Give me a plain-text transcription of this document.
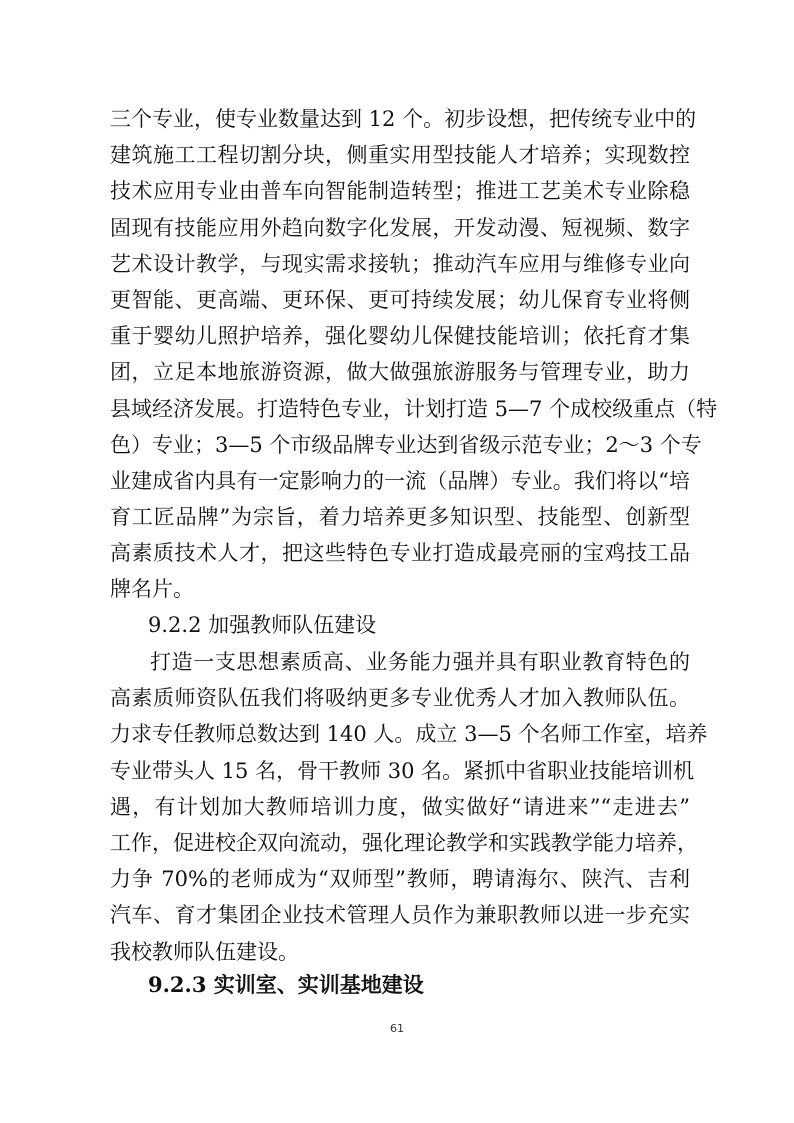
三个专业，使专业数量达到 12 个。初步设想，把传统专业中的
建筑施工工程切割分块，侧重实用型技能人才培养；实现数控
技术应用专业由普车向智能制造转型；推进工艺美术专业除稳
固现有技能应用外趋向数字化发展，开发动漫、短视频、数字
艺术设计教学，与现实需求接轨；推动汽车应用与维修专业向
更智能、更高端、更环保、更可持续发展；幼儿保育专业将侧
重于婴幼儿照护培养，强化婴幼儿保健技能培训；依托育才集
团，立足本地旅游资源，做大做强旅游服务与管理专业，助力
县域经济发展。打造特色专业，计划打造 5—7 个成校级重点（特
色）专业；3—5 个市级品牌专业达到省级示范专业；2～3 个专
业建成省内具有一定影响力的一流（品牌）专业。我们将以“培
育工匠品牌”为宗旨，着力培养更多知识型、技能型、创新型
高素质技术人才，把这些特色专业打造成最亮丽的宝鸡技工品
牌名片。
9.2.2 加强教师队伍建设
打造一支思想素质高、业务能力强并具有职业教育特色的
高素质师资队伍我们将吸纳更多专业优秀人才加入教师队伍。
力求专任教师总数达到 140 人。成立 3—5 个名师工作室，培养
专业带头人 15 名，骨干教师 30 名。紧抓中省职业技能培训机
遇，有计划加大教师培训力度，做实做好“请进来”“走进去”
工作，促进校企双向流动，强化理论教学和实践教学能力培养，
力争 70%的老师成为“双师型”教师，聘请海尔、陕汽、吉利
汽车、育才集团企业技术管理人员作为兼职教师以进一步充实
我校教师队伍建设。
9.2.3 实训室、实训基地建设
61
